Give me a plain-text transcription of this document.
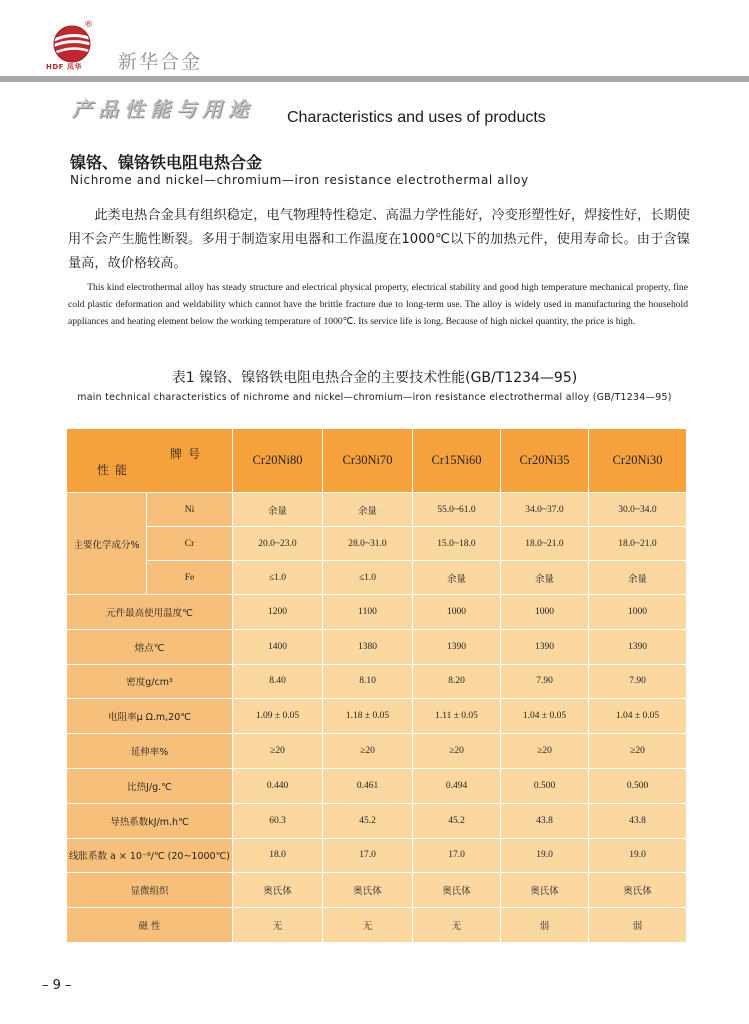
®
HDF 凤华 新华合金
产品性能与用途 Characteristics and uses of products
镍铬、镍铬铁电阻电热合金
Nichrome and nickel—chromium—iron resistance electrothermal alloy
此类电热合金具有组织稳定，电气物理特性稳定、高温力学性能好，冷变形塑性好，焊接性好，长期使用不会产生脆性断裂。多用于制造家用电器和工作温度在1000℃以下的加热元件，使用寿命长。由于含镍量高，故价格较高。
This kind electrothermal alloy has steady structure and electrical physical property, electrical stability and good high temperature mechanical property, fine cold plastic deformation and weldability which cannot have the brittle fracture due to long-term use. The alloy is widely used in manufacturing the household appliances and heating element below the working temperature of 1000℃. Its service life is long. Because of high nickel quantity, the price is high.
表1 镍铬、镍铬铁电阻电热合金的主要技术性能(GB/T1234—95)
main technical characteristics of nichrome and nickel—chromium—iron resistance electrothermal alloy (GB/T1234—95)
牌号
性能		Cr20Ni80	Cr30Ni70	Cr15Ni60	Cr20Ni35	Cr20Ni30
主要化学成分%	Ni	余量	余量	55.0~61.0	34.0~37.0	30.0~34.0
	Cr	20.0~23.0	28.0~31.0	15.0~18.0	18.0~21.0	18.0~21.0
	Fe	≤1.0	≤1.0	余量	余量	余量
元件最高使用温度℃		1200	1100	1000	1000	1000
熔点℃		1400	1380	1390	1390	1390
密度g/cm³		8.40	8.10	8.20	7.90	7.90
电阻率μ Ω.m,20℃		1.09 ± 0.05	1.18 ± 0.05	1.11 ± 0.05	1.04 ± 0.05	1.04 ± 0.05
延伸率%		≥20	≥20	≥20	≥20	≥20
比热J/g.℃		0.440	0.461	0.494	0.500	0.500
导热系数kJ/m.h℃		60.3	45.2	45.2	43.8	43.8
线胀系数 a × 10⁻⁶/℃ (20~1000℃)		18.0	17.0	17.0	19.0	19.0
显微组织		奥氏体	奥氏体	奥氏体	奥氏体	奥氏体
磁 性		无	无	无	弱	弱
– 9 –
